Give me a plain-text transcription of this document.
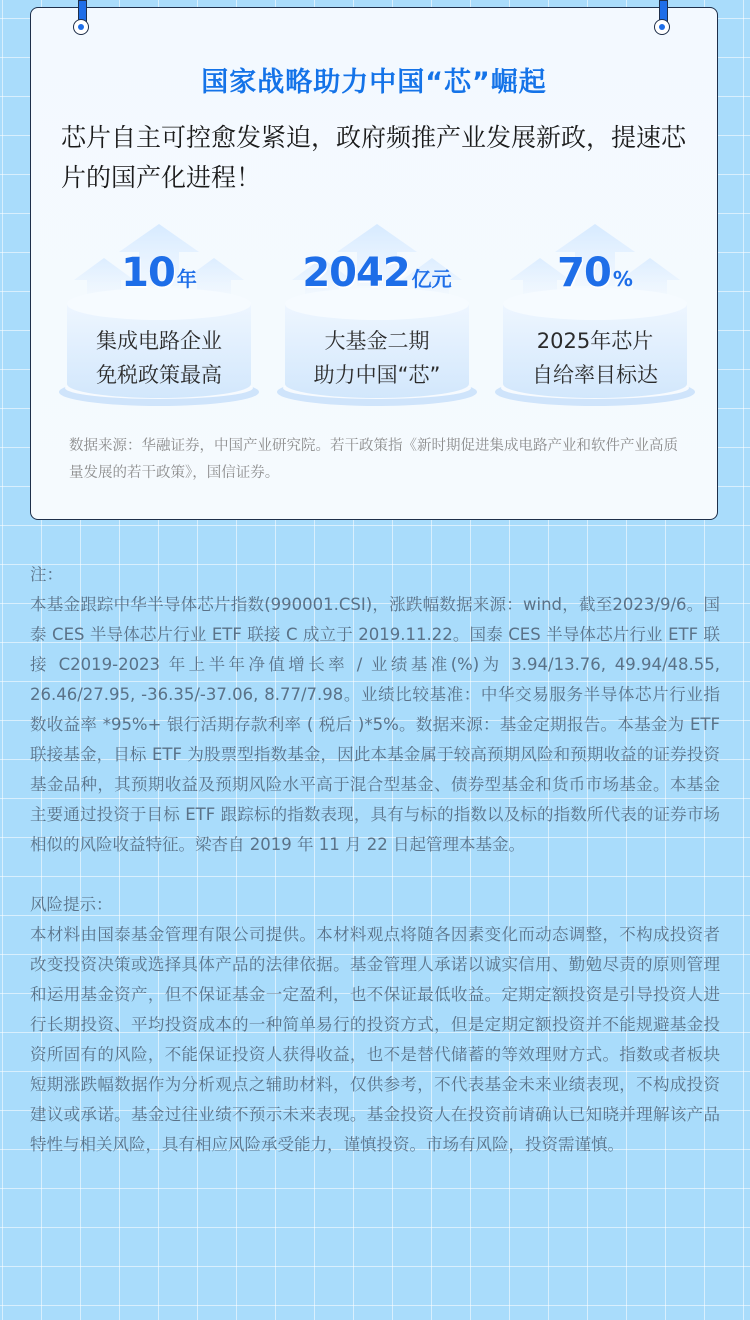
国家战略助力中国“芯”崛起
芯片自主可控愈发紧迫，政府频推产业发展新政，提速芯片的国产化进程！
10 年
集成电路企业
免税政策最高
2042 亿元
大基金二期
助力中国“芯”
70 %
2025年芯片
自给率目标达
数据来源：华融证券，中国产业研究院。若干政策指《新时期促进集成电路产业和软件产业高质量发展的若干政策》，国信证券。

注：

本基金跟踪中华半导体芯片指数(990001.CSI)，涨跌幅数据来源：wind，截至2023/9/6。国泰 CES 半导体芯片行业 ETF 联接 C 成立于 2019.11.22。国泰 CES 半导体芯片行业 ETF 联接 C2019-2023 年上半年净值增长率 / 业绩基准(%)为 3.94/13.76, 49.94/48.55, 26.46/27.95, -36.35/-37.06, 8.77/7.98。业绩比较基准：中华交易服务半导体芯片行业指数收益率 *95%+ 银行活期存款利率 ( 税后 )*5%。数据来源：基金定期报告。本基金为 ETF 联接基金，目标 ETF 为股票型指数基金，因此本基金属于较高预期风险和预期收益的证券投资基金品种，其预期收益及预期风险水平高于混合型基金、债券型基金和货币市场基金。本基金主要通过投资于目标 ETF 跟踪标的指数表现，具有与标的指数以及标的指数所代表的证券市场相似的风险收益特征。梁杏自 2019 年 11 月 22 日起管理本基金。

风险提示：

本材料由国泰基金管理有限公司提供。本材料观点将随各因素变化而动态调整，不构成投资者改变投资决策或选择具体产品的法律依据。基金管理人承诺以诚实信用、勤勉尽责的原则管理和运用基金资产，但不保证基金一定盈利，也不保证最低收益。定期定额投资是引导投资人进行长期投资、平均投资成本的一种简单易行的投资方式，但是定期定额投资并不能规避基金投资所固有的风险，不能保证投资人获得收益，也不是替代储蓄的等效理财方式。指数或者板块短期涨跌幅数据作为分析观点之辅助材料，仅供参考，不代表基金未来业绩表现，不构成投资建议或承诺。基金过往业绩不预示未来表现。基金投资人在投资前请确认已知晓并理解该产品特性与相关风险，具有相应风险承受能力，谨慎投资。市场有风险，投资需谨慎。
